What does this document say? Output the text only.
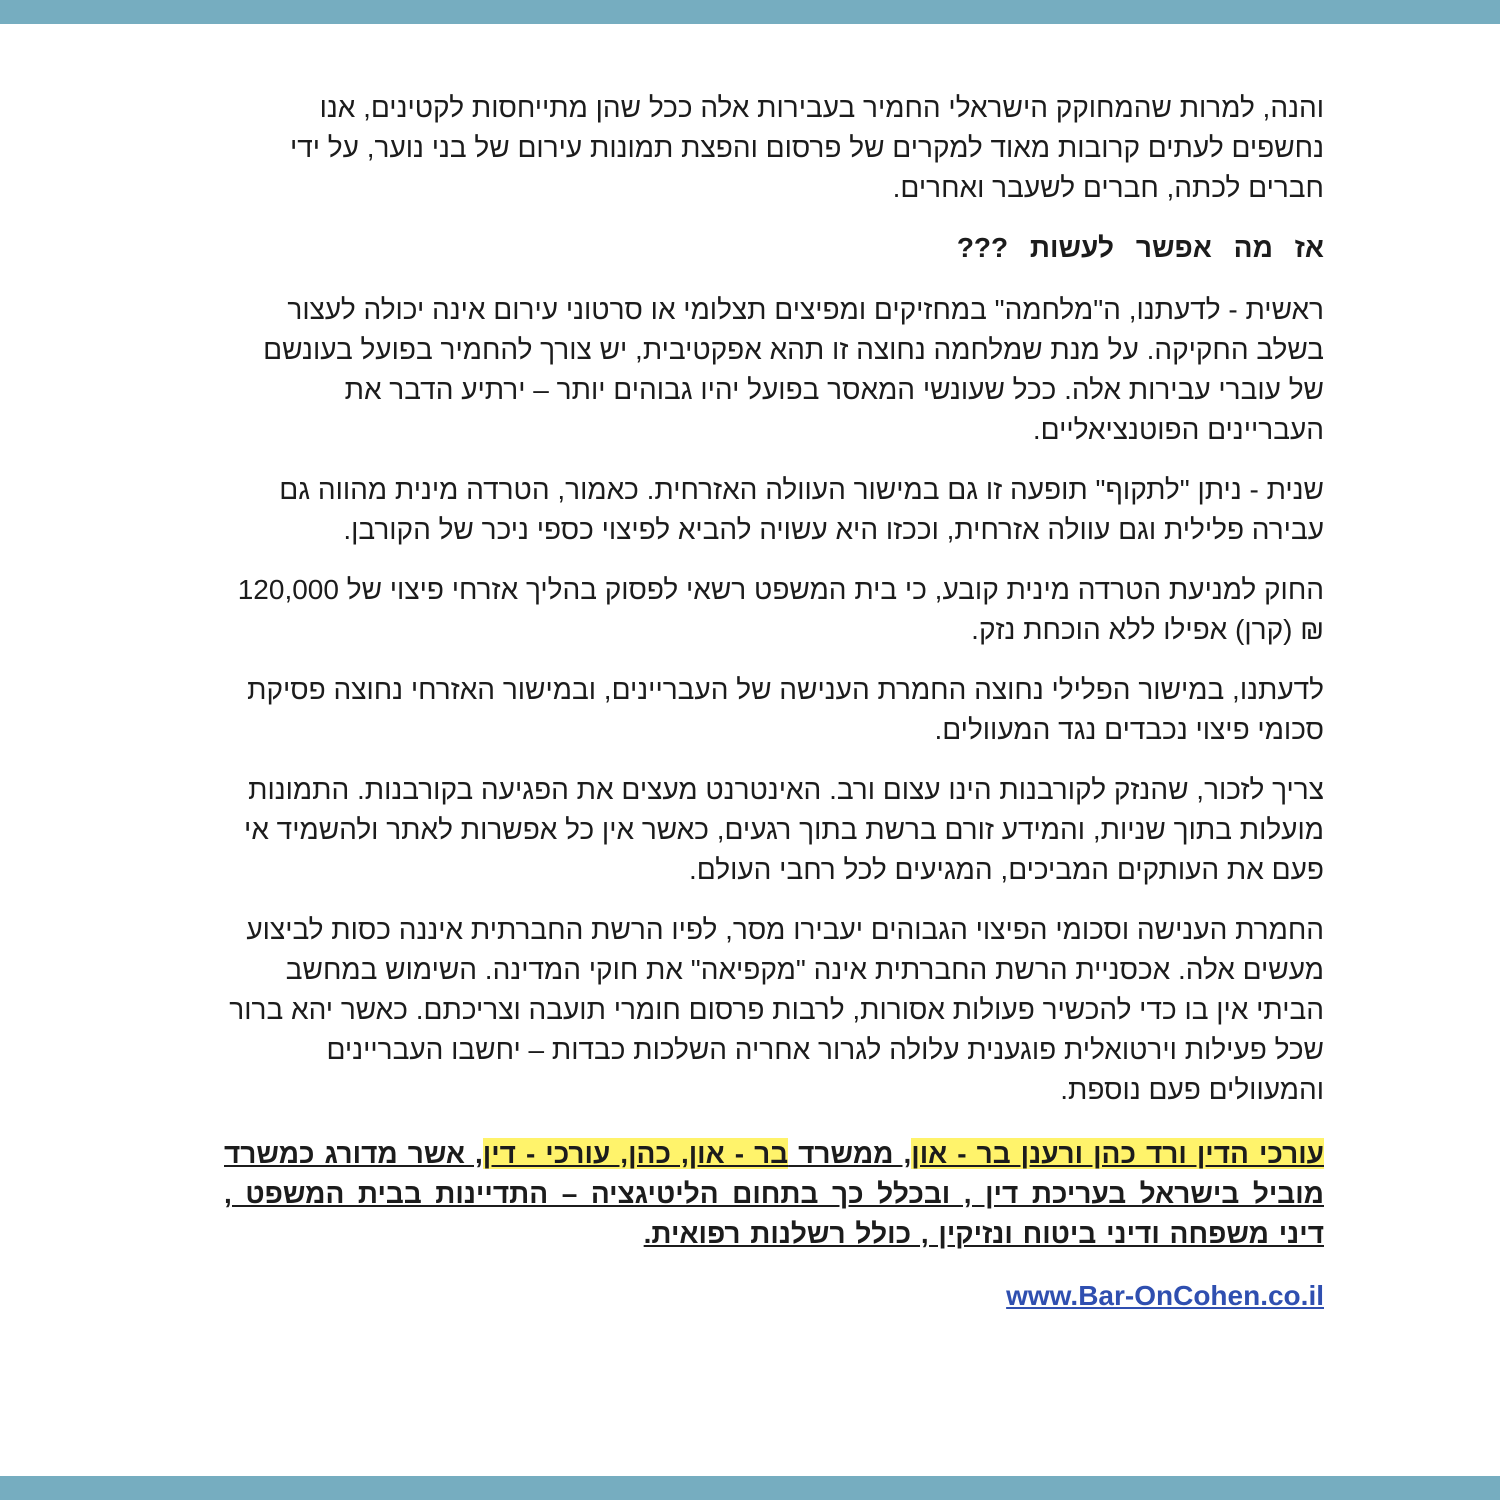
והנה, למרות שהמחוקק הישראלי החמיר בעבירות אלה ככל שהן מתייחסות לקטינים, אנו נחשפים לעתים קרובות מאוד למקרים של פרסום והפצת תמונות עירום של בני נוער, על ידי חברים לכתה, חברים לשעבר ואחרים.

אז מה אפשר לעשות ???

ראשית - לדעתנו, ה"מלחמה" במחזיקים ומפיצים תצלומי או סרטוני עירום אינה יכולה לעצור בשלב החקיקה. על מנת שמלחמה נחוצה זו תהא אפקטיבית, יש צורך להחמיר בפועל בעונשם של עוברי עבירות אלה. ככל שעונשי המאסר בפועל יהיו גבוהים יותר – ירתיע הדבר את העבריינים הפוטנציאליים.

שנית - ניתן "לתקוף" תופעה זו גם במישור העוולה האזרחית. כאמור, הטרדה מינית מהווה גם עבירה פלילית וגם עוולה אזרחית, וככזו היא עשויה להביא לפיצוי כספי ניכר של הקורבן.

החוק למניעת הטרדה מינית קובע, כי בית המשפט רשאי לפסוק בהליך אזרחי פיצוי של 120,000 ₪ (קרן) אפילו ללא הוכחת נזק.

לדעתנו, במישור הפלילי נחוצה החמרת הענישה של העבריינים, ובמישור האזרחי נחוצה פסיקת סכומי פיצוי נכבדים נגד המעוולים.

צריך לזכור, שהנזק לקורבנות הינו עצום ורב. האינטרנט מעצים את הפגיעה בקורבנות. התמונות מועלות בתוך שניות, והמידע זורם ברשת בתוך רגעים, כאשר אין כל אפשרות לאתר ולהשמיד אי פעם את העותקים המביכים, המגיעים לכל רחבי העולם.

החמרת הענישה וסכומי הפיצוי הגבוהים יעבירו מסר, לפיו הרשת החברתית איננה כסות לביצוע מעשים אלה. אכסניית הרשת החברתית אינה "מקפיאה" את חוקי המדינה. השימוש במחשב הביתי אין בו כדי להכשיר פעולות אסורות, לרבות פרסום חומרי תועבה וצריכתם. כאשר יהא ברור שכל פעילות וירטואלית פוגענית עלולה לגרור אחריה השלכות כבדות – יחשבו העבריינים והמעוולים פעם נוספת.

עורכי הדין ורד כהן ורענן בר - און, ממשרד בר - און, כהן, עורכי - דין, אשר מדורג כמשרד מוביל בישראל בעריכת דין , ובכלל כך בתחום הליטיגציה – התדיינות בבית המשפט , דיני משפחה ודיני ביטוח ונזיקין , כולל רשלנות רפואית.

www.Bar-OnCohen.co.il
